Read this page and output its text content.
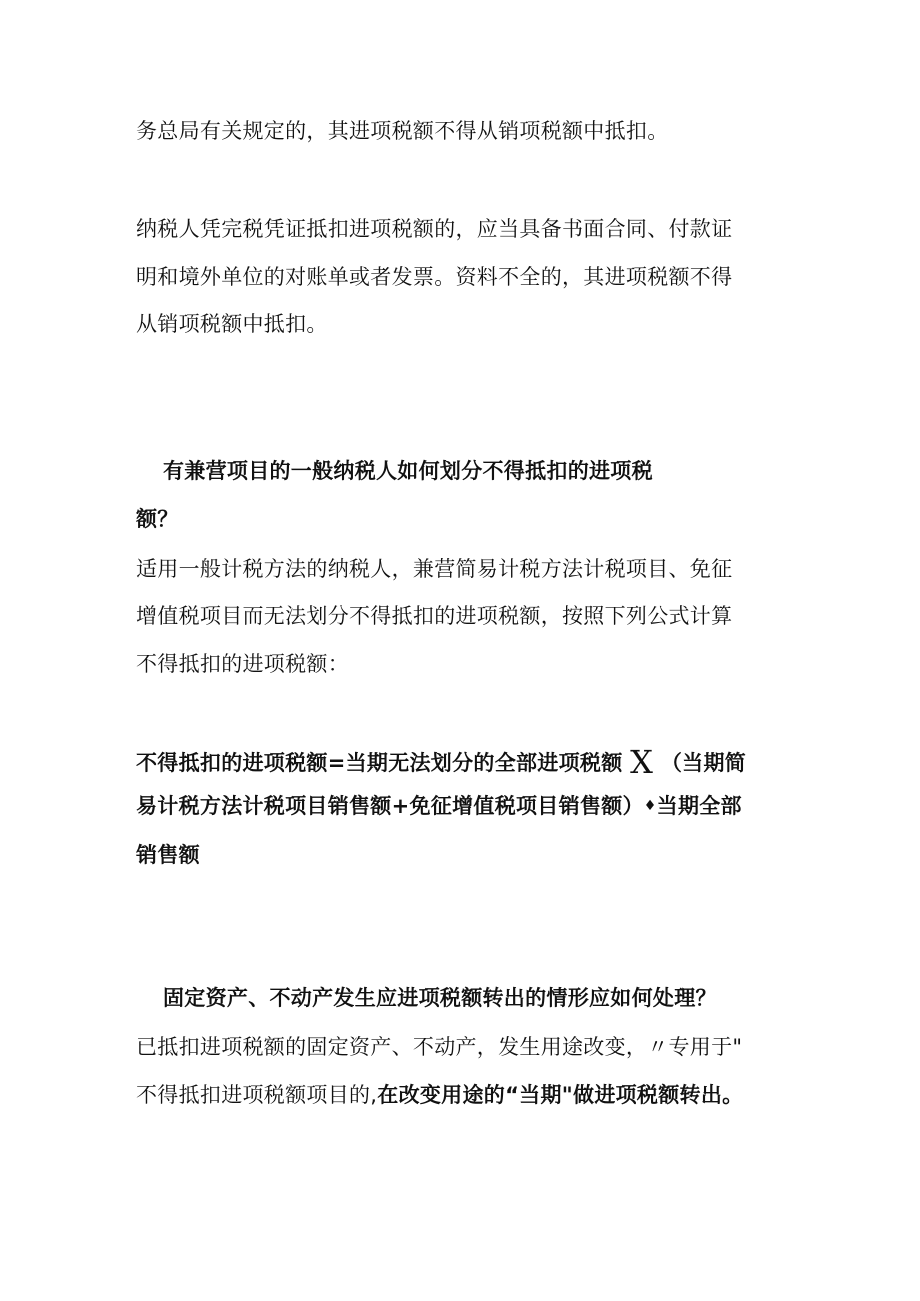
务总局有关规定的，其进项税额不得从销项税额中抵扣。
纳税人凭完税凭证抵扣进项税额的，应当具备书面合同、付款证
明和境外单位的对账单或者发票。资料不全的，其进项税额不得
从销项税额中抵扣。
有兼营项目的一般纳税人如何划分不得抵扣的进项税
额？
适用一般计税方法的纳税人，兼营简易计税方法计税项目、免征
增值税项目而无法划分不得抵扣的进项税额，按照下列公式计算
不得抵扣的进项税额：
不得抵扣的进项税额=当期无法划分的全部进项税额 X （当期简
易计税方法计税项目销售额+免征增值税项目销售额）♦当期全部
销售额
固定资产、不动产发生应进项税额转出的情形应如何处理？
已抵扣进项税额的固定资产、不动产，发生用途改变，〃专用于"
不得抵扣进项税额项目的,在改变用途的“当期"做进项税额转出。
